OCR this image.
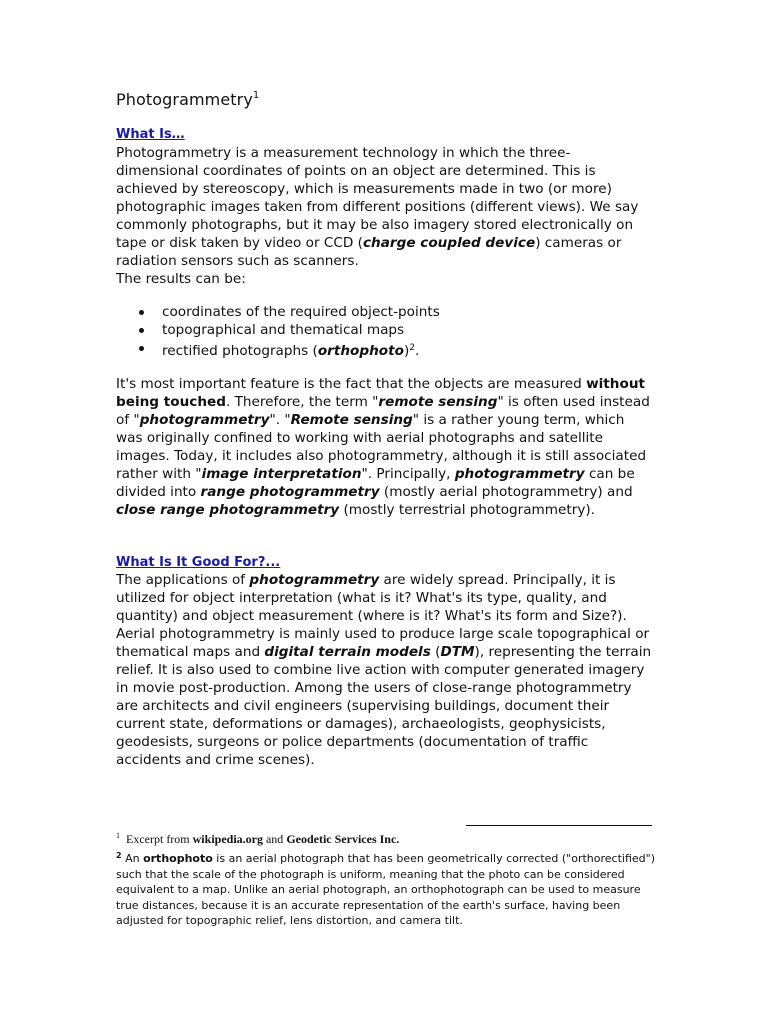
Photogrammetry$^1$
What Is…
Photogrammetry is a measurement technology in which the three-dimensional coordinates of points on an object are determined. This is achieved by stereoscopy, which is measurements made in two (or more) photographic images taken from different positions (different views). We say commonly photographs, but it may be also imagery stored electronically on tape or disk taken by video or CCD (charge coupled device) cameras or radiation sensors such as scanners.
The results can be:
coordinates of the required object-points
topographical and thematical maps
rectified photographs (orthophoto)$^2$.
It's most important feature is the fact that the objects are measured without being touched. Therefore, the term "remote sensing" is often used instead of "photogrammetry". "Remote sensing" is a rather young term, which was originally confined to working with aerial photographs and satellite images. Today, it includes also photogrammetry, although it is still associated rather with "image interpretation". Principally, photogrammetry can be divided into range photogrammetry (mostly aerial photogrammetry) and close range photogrammetry (mostly terrestrial photogrammetry).
What Is It Good For?...
The applications of photogrammetry are widely spread. Principally, it is utilized for object interpretation (what is it? What's its type, quality, and quantity) and object measurement (where is it? What's its form and Size?). Aerial photogrammetry is mainly used to produce large scale topographical or thematical maps and digital terrain models (DTM), representing the terrain relief. It is also used to combine live action with computer generated imagery in movie post-production. Among the users of close-range photogrammetry are architects and civil engineers (supervising buildings, document their current state, deformations or damages), archaeologists, geophysicists, geodesists, surgeons or police departments (documentation of traffic accidents and crime scenes).
$^1$ Excerpt from wikipedia.org and Geodetic Services Inc.
$^2$ An orthophoto is an aerial photograph that has been geometrically corrected ("orthorectified") such that the scale of the photograph is uniform, meaning that the photo can be considered equivalent to a map. Unlike an aerial photograph, an orthophotograph can be used to measure true distances, because it is an accurate representation of the earth's surface, having been adjusted for topographic relief, lens distortion, and camera tilt.
